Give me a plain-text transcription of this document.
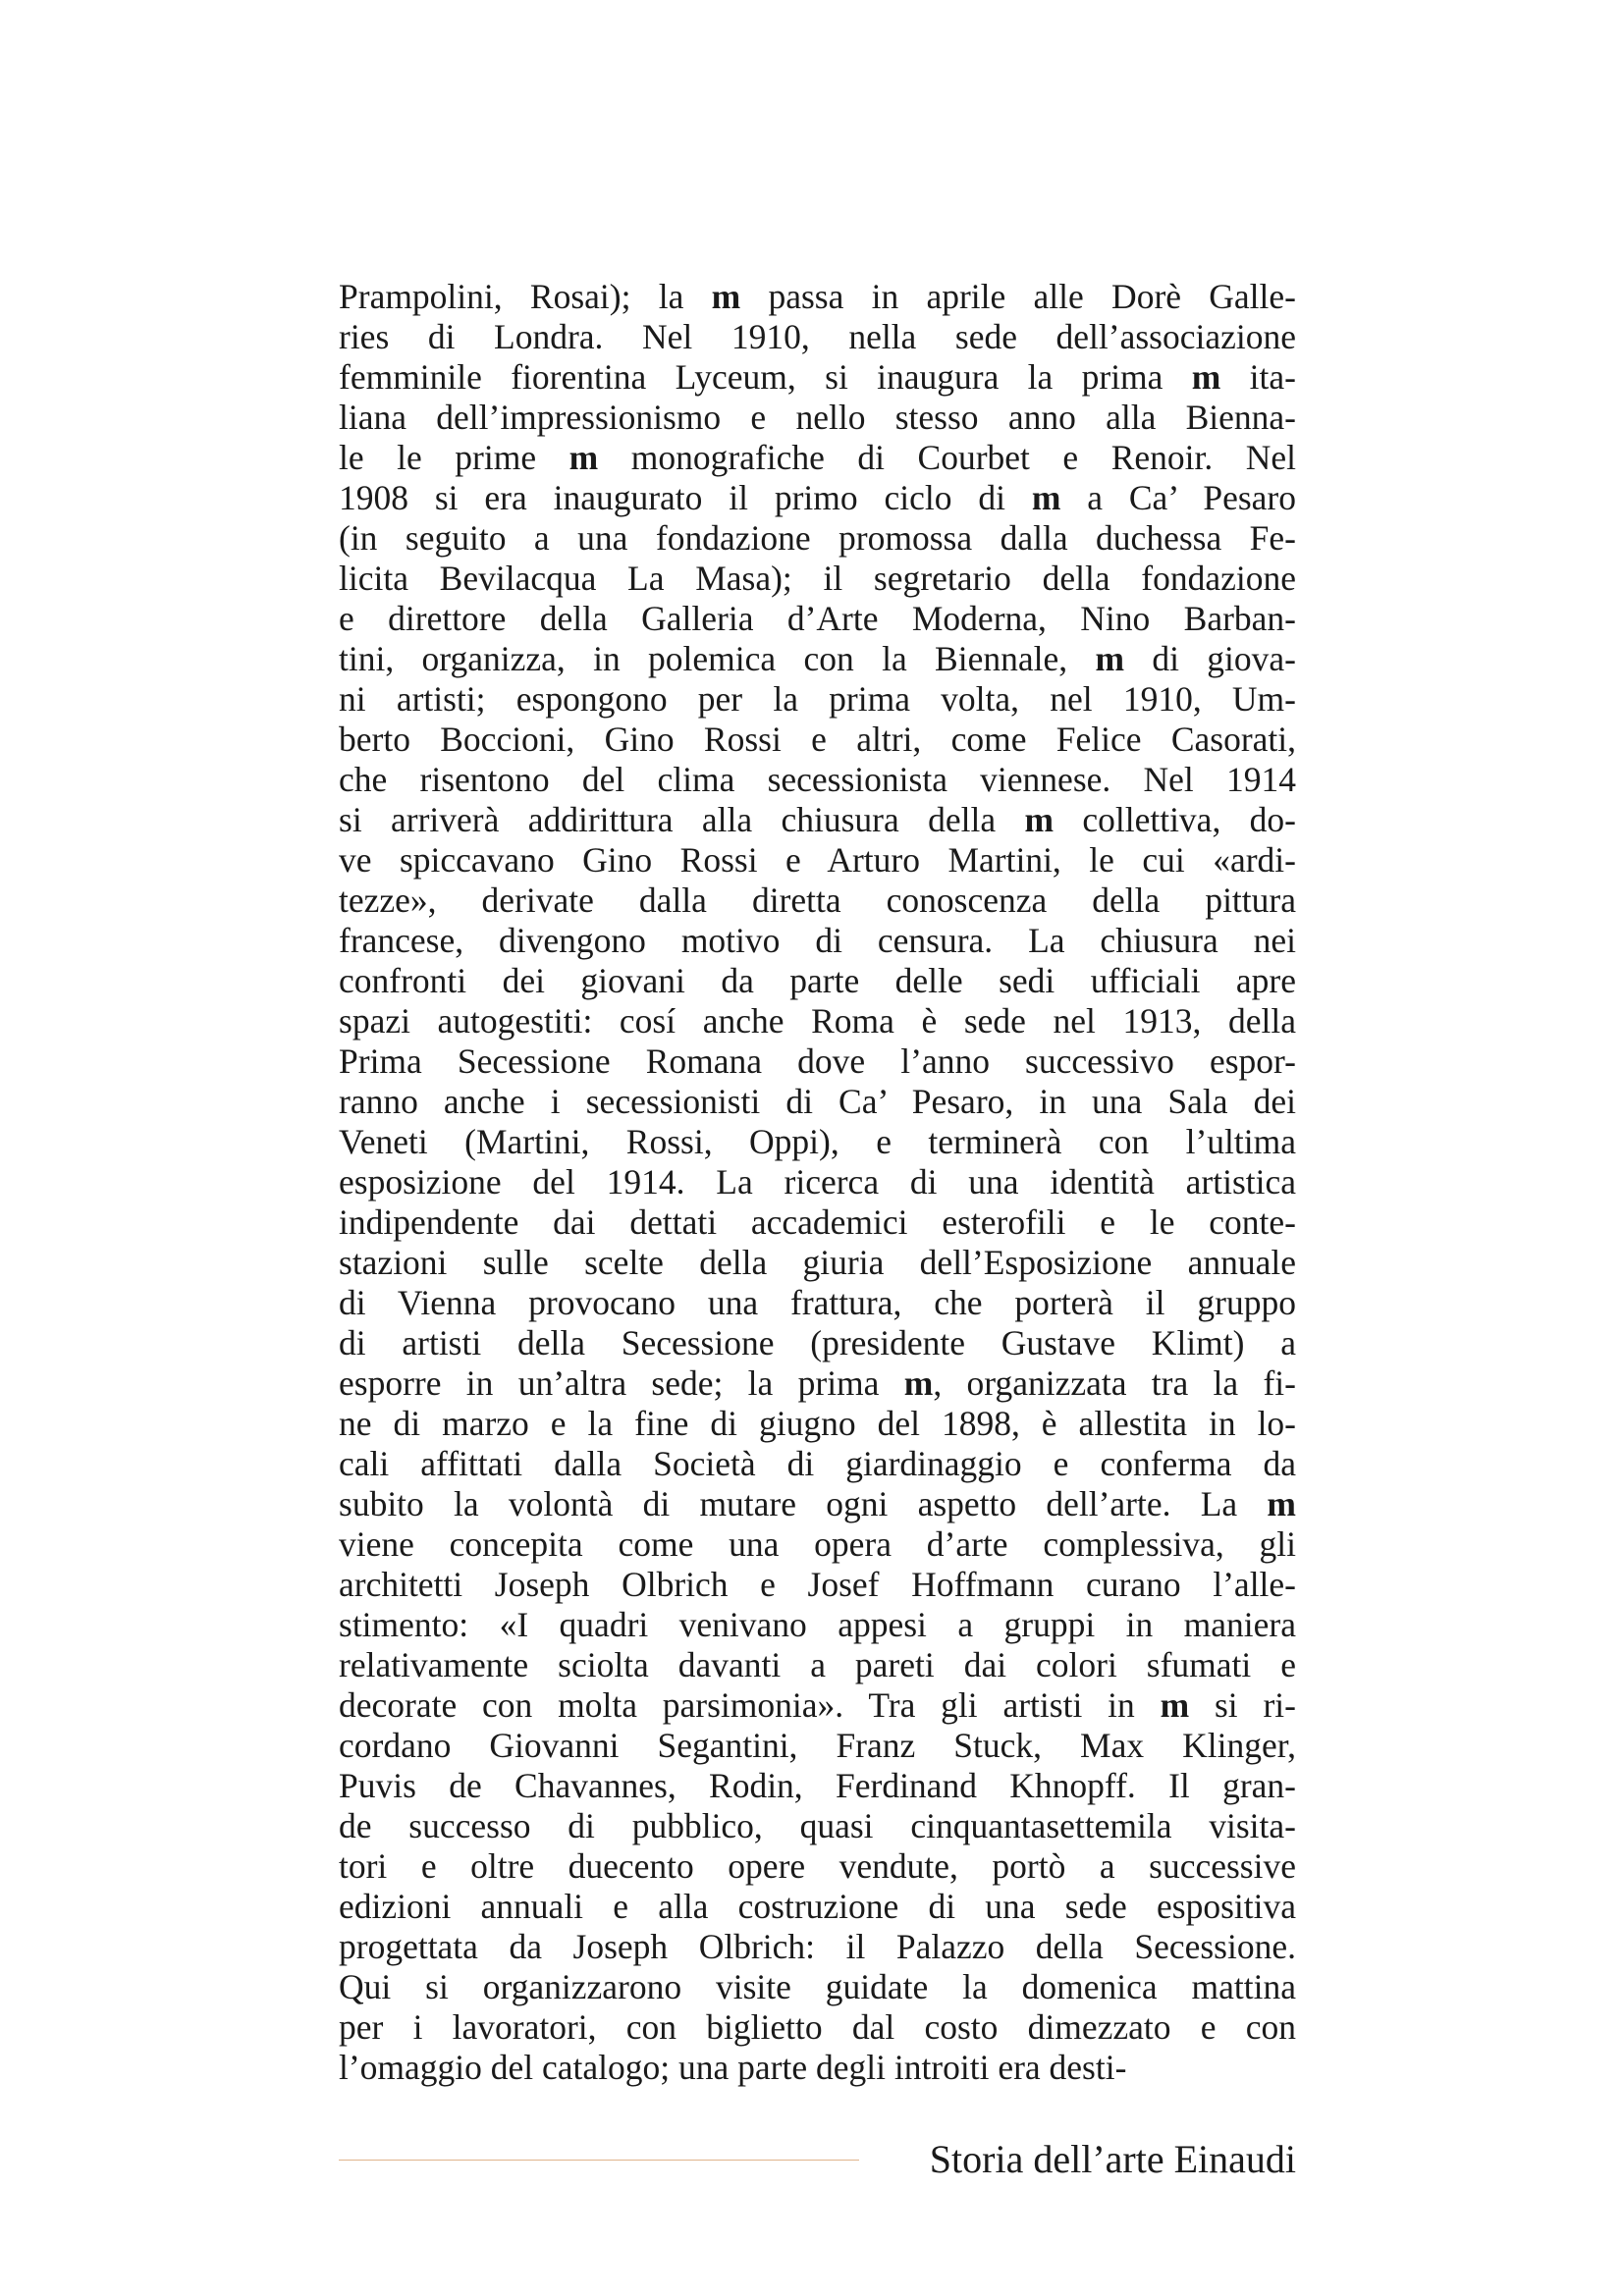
Prampolini, Rosai); la m passa in aprile alle Dorè Galle-
ries di Londra. Nel 1910, nella sede dell’associazione
femminile fiorentina Lyceum, si inaugura la prima m ita-
liana dell’impressionismo e nello stesso anno alla Bienna-
le le prime m monografiche di Courbet e Renoir. Nel
1908 si era inaugurato il primo ciclo di m a Ca’ Pesaro
(in seguito a una fondazione promossa dalla duchessa Fe-
licita Bevilacqua La Masa); il segretario della fondazione
e direttore della Galleria d’Arte Moderna, Nino Barban-
tini, organizza, in polemica con la Biennale, m di giova-
ni artisti; espongono per la prima volta, nel 1910, Um-
berto Boccioni, Gino Rossi e altri, come Felice Casorati,
che risentono del clima secessionista viennese. Nel 1914
si arriverà addirittura alla chiusura della m collettiva, do-
ve spiccavano Gino Rossi e Arturo Martini, le cui «ardi-
tezze», derivate dalla diretta conoscenza della pittura
francese, divengono motivo di censura. La chiusura nei
confronti dei giovani da parte delle sedi ufficiali apre
spazi autogestiti: cosí anche Roma è sede nel 1913, della
Prima Secessione Romana dove l’anno successivo espor-
ranno anche i secessionisti di Ca’ Pesaro, in una Sala dei
Veneti (Martini, Rossi, Oppi), e terminerà con l’ultima
esposizione del 1914. La ricerca di una identità artistica
indipendente dai dettati accademici esterofili e le conte-
stazioni sulle scelte della giuria dell’Esposizione annuale
di Vienna provocano una frattura, che porterà il gruppo
di artisti della Secessione (presidente Gustave Klimt) a
esporre in un’altra sede; la prima m, organizzata tra la fi-
ne di marzo e la fine di giugno del 1898, è allestita in lo-
cali affittati dalla Società di giardinaggio e conferma da
subito la volontà di mutare ogni aspetto dell’arte. La m
viene concepita come una opera d’arte complessiva, gli
architetti Joseph Olbrich e Josef Hoffmann curano l’alle-
stimento: «I quadri venivano appesi a gruppi in maniera
relativamente sciolta davanti a pareti dai colori sfumati e
decorate con molta parsimonia». Tra gli artisti in m si ri-
cordano Giovanni Segantini, Franz Stuck, Max Klinger,
Puvis de Chavannes, Rodin, Ferdinand Khnopff. Il gran-
de successo di pubblico, quasi cinquantasettemila visita-
tori e oltre duecento opere vendute, portò a successive
edizioni annuali e alla costruzione di una sede espositiva
progettata da Joseph Olbrich: il Palazzo della Secessione.
Qui si organizzarono visite guidate la domenica mattina
per i lavoratori, con biglietto dal costo dimezzato e con
l’omaggio del catalogo; una parte degli introiti era desti-
Storia dell’arte Einaudi
